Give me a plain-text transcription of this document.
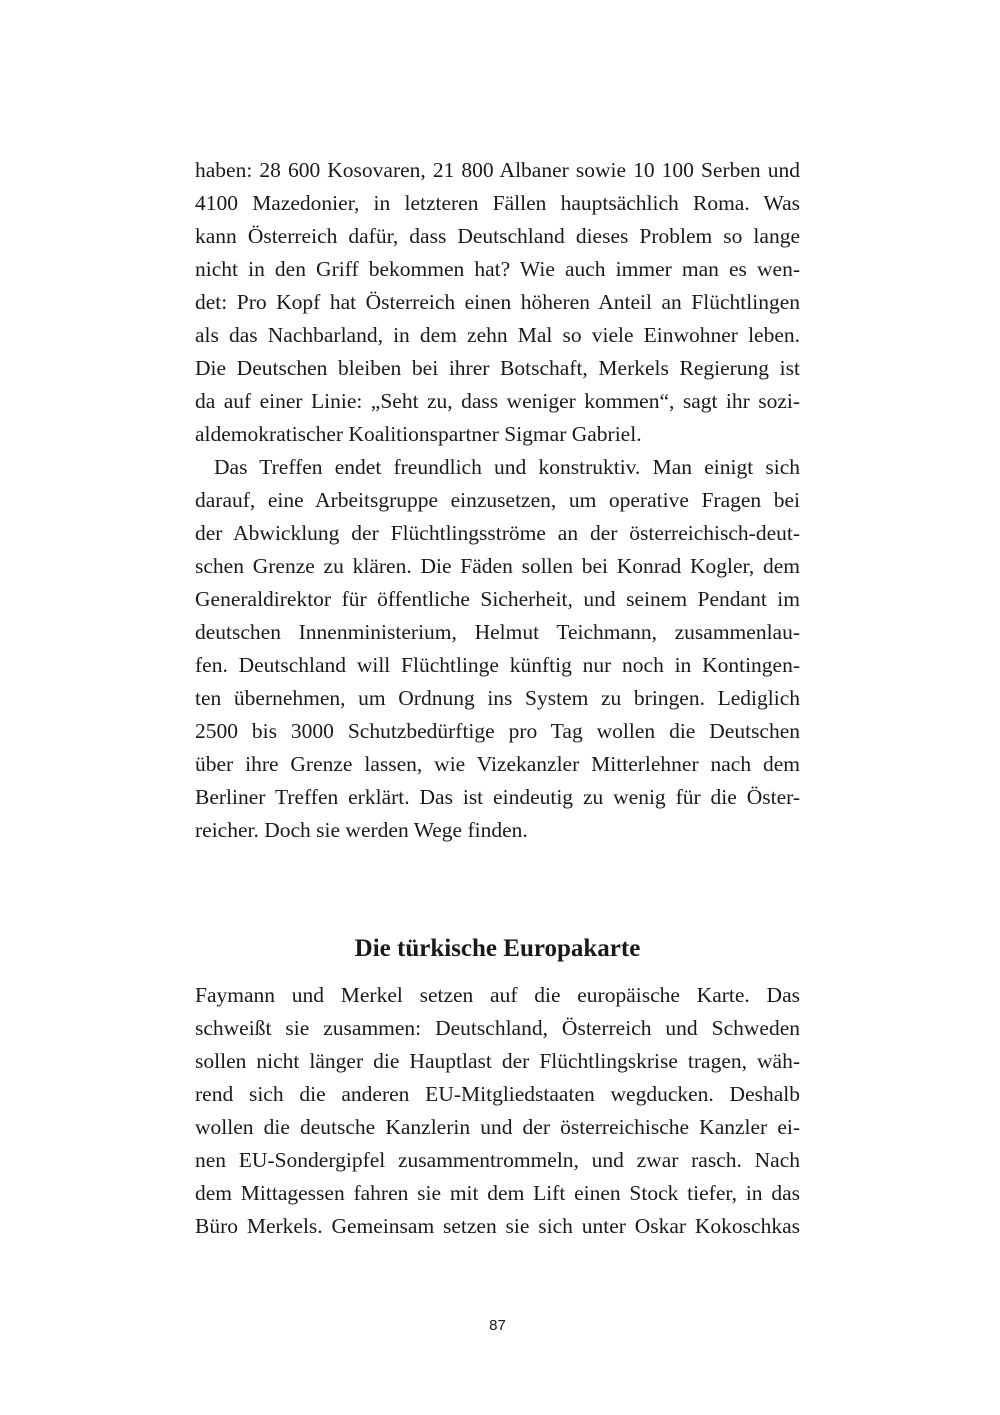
haben: 28 600 Kosovaren, 21 800 Albaner sowie 10 100 Serben und
4100 Mazedonier, in letzteren Fällen hauptsächlich Roma. Was
kann Österreich dafür, dass Deutschland dieses Problem so lange
nicht in den Griff bekommen hat? Wie auch immer man es wen-
det: Pro Kopf hat Österreich einen höheren Anteil an Flüchtlingen
als das Nachbarland, in dem zehn Mal so viele Einwohner leben.
Die Deutschen bleiben bei ihrer Botschaft, Merkels Regierung ist
da auf einer Linie: „Seht zu, dass weniger kommen“, sagt ihr sozi-
aldemokratischer Koalitionspartner Sigmar Gabriel.
Das Treffen endet freundlich und konstruktiv. Man einigt sich
darauf, eine Arbeitsgruppe einzusetzen, um operative Fragen bei
der Abwicklung der Flüchtlingsströme an der österreichisch-deut-
schen Grenze zu klären. Die Fäden sollen bei Konrad Kogler, dem
Generaldirektor für öffentliche Sicherheit, und seinem Pendant im
deutschen Innenministerium, Helmut Teichmann, zusammenlau-
fen. Deutschland will Flüchtlinge künftig nur noch in Kontingen-
ten übernehmen, um Ordnung ins System zu bringen. Lediglich
2500 bis 3000 Schutzbedürftige pro Tag wollen die Deutschen
über ihre Grenze lassen, wie Vizekanzler Mitterlehner nach dem
Berliner Treffen erklärt. Das ist eindeutig zu wenig für die Öster-
reicher. Doch sie werden Wege finden.
Die türkische Europakarte
Faymann und Merkel setzen auf die europäische Karte. Das
schweißt sie zusammen: Deutschland, Österreich und Schweden
sollen nicht länger die Hauptlast der Flüchtlingskrise tragen, wäh-
rend sich die anderen EU-Mitgliedstaaten wegducken. Deshalb
wollen die deutsche Kanzlerin und der österreichische Kanzler ei-
nen EU-Sondergipfel zusammentrommeln, und zwar rasch. Nach
dem Mittagessen fahren sie mit dem Lift einen Stock tiefer, in das
Büro Merkels. Gemeinsam setzen sie sich unter Oskar Kokoschkas
87
